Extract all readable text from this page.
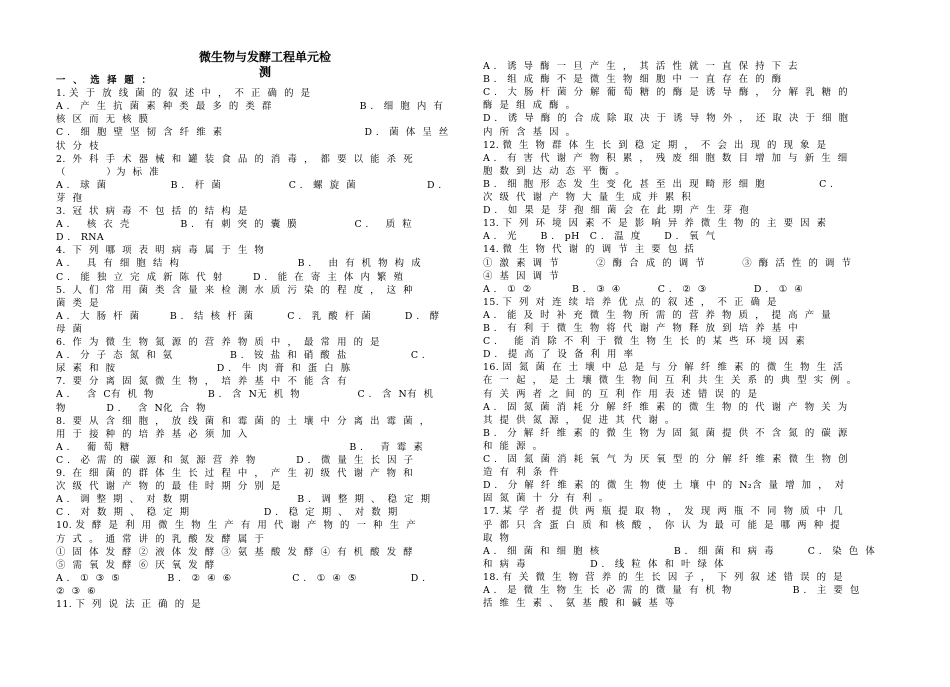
微生物与发酵工程单元检
测
一  、  选  择  题  ：
1. 关  于  放  线  菌  的  叙  述  中  ，  不  正  确  的  是
A .   产  生  抗  菌  素  种  类  最  多  的  类  群                          B .   细  胞  内  有
核  区  而  无  核  膜
C .   细  胞  壁  坚  韧  含  纤  维  素                                          D .   菌  体  呈  丝
状  分  枝
2.  外  科  手  术  器  械  和  罐  装  食  品  的  消  毒  ，  都  要  以  能  杀  死
（            ）为  标  准
A .   球  菌                   B .   杆  菌                    C .   螺  旋  菌                     D .
芽  孢
3.  冠  状  病  毒  不  包  括  的  结  构  是
A .     核  衣  壳               B .   有  刺  突  的  囊  膜                 C .     质  粒
D .   RNA
4.  下  列  哪  项  表  明  病  毒  属  于  生  物
A .     具  有  细  胞  结  构                                   B .     由  有  机  物  构  成
C .   能  独  立  完  成  新  陈  代  射         D .   能  在  寄  主  体  内  繁  殖
5.  人  们  常  用  菌  类  含  量  来  检  测  水  质  污  染  的  程  度  ，  这  种
菌  类  是
A .   大  肠  杆  菌         B .   结  核  杆  菌          C .   乳  酸  杆  菌          D .   酵
母  菌
6.  作  为  微  生  物  氮  源  的  营  养  物  质  中  ，  最  常  用  的  是
A .   分  子  态  氮  和  氨                 B .   铵  盐  和  硝  酸  盐                   C .
尿  素  和  胺                              D .   牛  肉  膏  和  蛋  白  胨
7.  要  分  离  固  氮  微  生  物  ，  培  养  基  中  不  能  含  有
A .     含  C有  机  物                B .   含  N无  机  物                 C .   含  N有  机
物            D .     含  N化  合  物
8.  要  从  含  细  胞  ，  放  线  菌  和  霉  菌  的  土  壤  中  分  离  出  霉  菌  ，
用  于  接  种  的  培  养  基  必  须  加  入
A .     葡  萄  糖                                                                 B .     青  霉  素
C .   必  需  的  碳  源  和  氮  源  营  养  物            D .   微  量  生  长  因  子
9.  在  细  菌  的  群  体  生  长  过  程  中  ，  产  生  初  级  代  谢  产  物  和
次  级  代  谢  产  物  的  最  佳  时  期  分  别  是
A .   调  整  期  、  对  数  期                                B .   调  整  期  、  稳  定  期
C .   对  数  期  、  稳  定  期                      D .   稳  定  期  、  对  数  期
10. 发  酵  是  利  用  微  生  物  生  产  有  用  代  谢  产  物  的  一  种  生  产
方  式  。  通  常  讲  的  乳  酸  发  酵  属  于
①  固  体  发  酵  ②  液  体  发  酵  ③  氨  基  酸  发  酵  ④  有  机  酸  发  酵
⑤  需  氧  发  酵  ⑥  厌  氧  发  酵
A .   ①  ③  ⑤              B .   ②  ④  ⑥                  C .   ①  ④  ⑤                D .
②  ③  ⑥
11. 下  列  说  法  正  确  的  是
A .   诱  导  酶  一  旦  产  生  ，  其  活  性  就  一  直  保  持  下  去
B .   组  成  酶  不  是  微  生  物  细  胞  中  一  直  存  在  的  酶
C .   大  肠  杆  菌  分  解  葡  萄  糖  的  酶  是  诱  导  酶  ，  分  解  乳  糖  的
酶  是  组  成  酶  。
D .   诱  导  酶  的  合  成  除  取  决  于  诱  导  物  外  ，  还  取  决  于  细  胞
内  所  含  基  因  。
12. 微  生  物  群  体  生  长  到  稳  定  期  ，  不  会  出  现  的  现  象  是
A .   有  害  代  谢  产  物  积  累  ，  残  废  细  胞  数  目  增  加  与  新  生  细
胞  数  到  达  动  态  平  衡  。
B .   细  胞  形  态  发  生  变  化  甚  至  出  现  畸  形  细  胞                C .
次  级  代  谢  产  物  大  量  生  成  并  累  积
D .   如  果  是  芽  孢  细  菌  会  在  此  期  产  生  芽  孢
13. 下  列  环  境  因  素  不  是  影  响  异  养  微  生  物  的  主  要  因  素
A .   光       B .   pH   C .   温  度       D .   氧  气
14. 微  生  物  代  谢  的  调  节  主  要  包  括
①  激  素  调  节           ②  酶  合  成  的  调  节           ③  酶  活  性  的  调  节
④  基  因  调  节
A .   ①  ②            B .   ③  ④           C .   ②  ③              D .   ①  ④
15. 下  列  对  连  续  培  养  优  点  的  叙  述  ，  不  正  确  是
A .   能  及  时  补  充  微  生  物  所  需  的  营  养  物  质  ，  提  高  产  量
B .   有  利  于  微  生  物  将  代  谢  产  物  释  放  到  培  养  基  中
C .     能  消  除  不  利  于  微  生  物  生  长  的  某  些  环  境  因  素
D .   提  高  了  设  备  利  用  率
16. 固  氮  菌  在  土  壤  中  总  是  与  分  解  纤  维  素  的  微  生  物  生  活
在  一  起  ，  是  土  壤  微  生  物  间  互  利  共  生  关  系  的  典  型  实  例  。
有  关  两  者  之  间  的  互  利  作  用  表  述  错  误  的  是
A .   固  氮  菌  消  耗  分  解  纤  维  素  的  微  生  物  的  代  谢  产  物  关  为
其  提  供  氮  源  ，  促  进  其  代  谢  。
B .   分  解  纤  维  素  的  微  生  物  为  固  氮  菌  提  供  不  含  氮  的  碳  源
和  能  源  。
C .   固  氮  菌  消  耗  氧  气  为  厌  氧  型  的  分  解  纤  维  素  微  生  物  创
造  有  利  条  件
D .   分  解  纤  维  素  的  微  生  物  使  土  壤  中  的  N₂含  量  增  加  ，  对
固  氮  菌  十  分  有  利  。
17. 某  学  者  提  供  两  瓶  提  取  物  ，  发  现  两  瓶  不  同  物  质  中  几
乎  都  只  含  蛋  白  质  和  核  酸  ，  你  认  为  最  可  能  是  哪  两  种  提
取  物
A .   细  菌  和  细  胞  核                      B .   细  菌  和  病  毒          C .   染  色  体
和  病  毒                   D .   线  粒  体  和  叶  绿  体
18. 有  关  微  生  物  营  养  的  生  长  因  子  ，  下  列  叙  述  错  误  的  是
A .   是  微  生  物  生  长  必  需  的  微  量  有  机  物                  B .   主  要  包
括  维  生  素  、  氨  基  酸  和  碱  基  等
